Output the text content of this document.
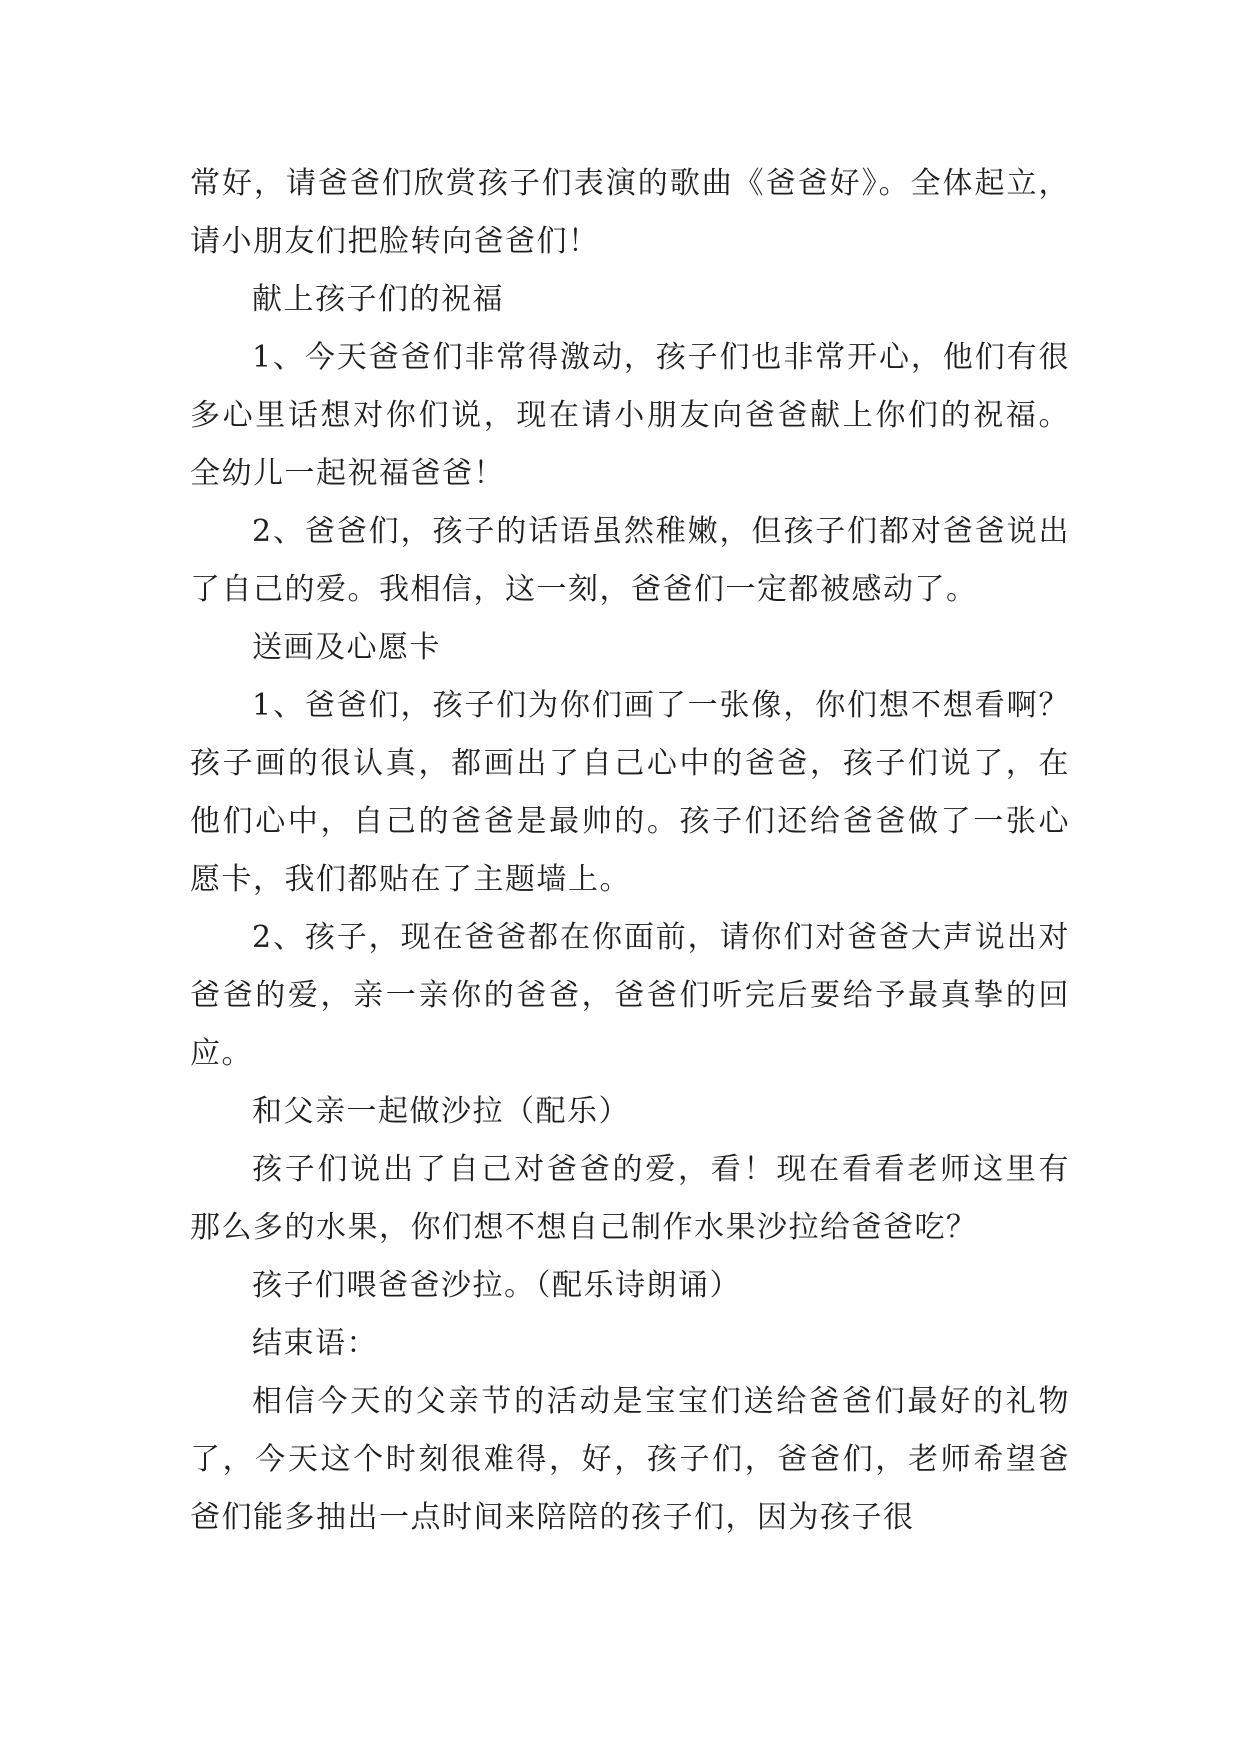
常好，请爸爸们欣赏孩子们表演的歌曲《爸爸好》。全体起立，请小朋友们把脸转向爸爸们！

献上孩子们的祝福

1、今天爸爸们非常得激动，孩子们也非常开心，他们有很多心里话想对你们说，现在请小朋友向爸爸献上你们的祝福。全幼儿一起祝福爸爸！

2、爸爸们，孩子的话语虽然稚嫩，但孩子们都对爸爸说出了自己的爱。我相信，这一刻，爸爸们一定都被感动了。

送画及心愿卡

1、爸爸们，孩子们为你们画了一张像，你们想不想看啊？孩子画的很认真，都画出了自己心中的爸爸，孩子们说了，在他们心中，自己的爸爸是最帅的。孩子们还给爸爸做了一张心愿卡，我们都贴在了主题墙上。

2、孩子，现在爸爸都在你面前，请你们对爸爸大声说出对爸爸的爱，亲一亲你的爸爸，爸爸们听完后要给予最真挚的回应。

和父亲一起做沙拉（配乐）

孩子们说出了自己对爸爸的爱，看！现在看看老师这里有那么多的水果，你们想不想自己制作水果沙拉给爸爸吃？

孩子们喂爸爸沙拉。（配乐诗朗诵）

结束语：

相信今天的父亲节的活动是宝宝们送给爸爸们最好的礼物了，今天这个时刻很难得，好，孩子们，爸爸们，老师希望爸爸们能多抽出一点时间来陪陪的孩子们，因为孩子很
